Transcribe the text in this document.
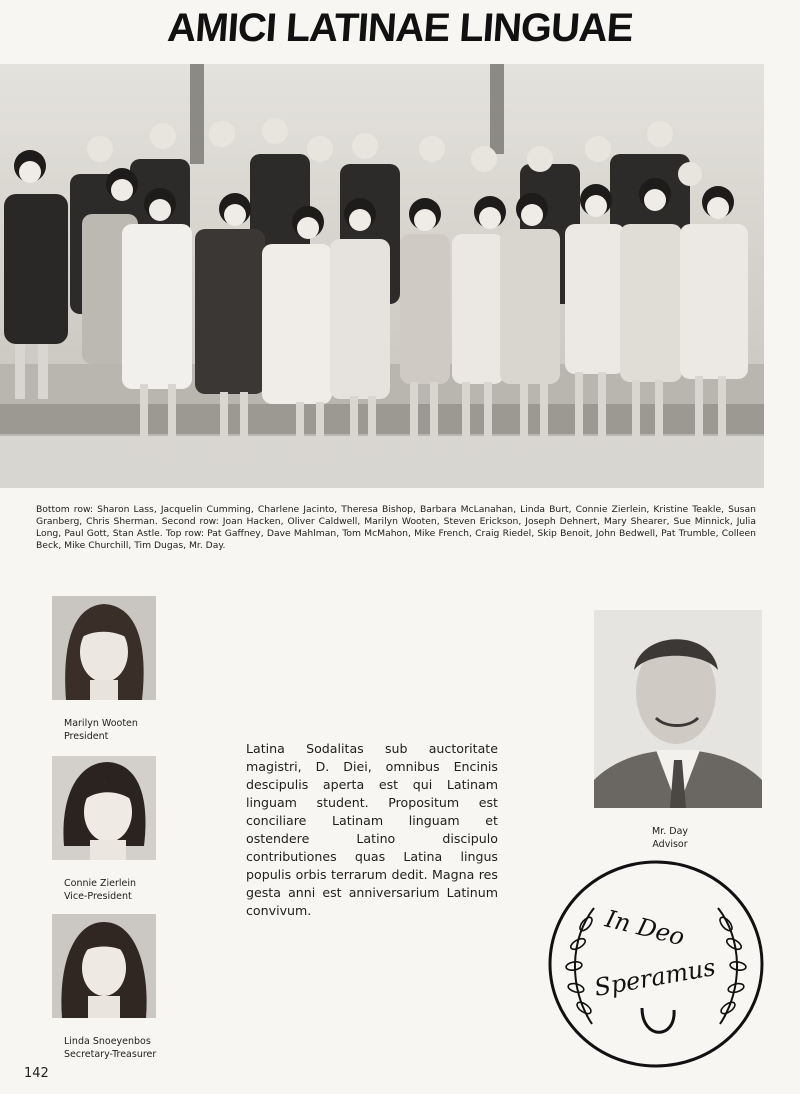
AMICI LATINAE LINGUAE
Bottom row: Sharon Lass, Jacquelin Cumming, Charlene Jacinto, Theresa Bishop, Barbara McLanahan, Linda Burt, Connie Zierlein, Kristine Teakle, Susan Granberg, Chris Sherman. Second row: Joan Hacken, Oliver Caldwell, Marilyn Wooten, Steven Erickson, Joseph Dehnert, Mary Shearer, Sue Minnick, Julia Long, Paul Gott, Stan Astle. Top row: Pat Gaffney, Dave Mahlman, Tom McMahon, Mike French, Craig Riedel, Skip Benoit, John Bedwell, Pat Trumble, Colleen Beck, Mike Churchill, Tim Dugas, Mr. Day.
Marilyn Wooten
President
Connie Zierlein
Vice-President
Linda Snoeyenbos
Secretary-Treasurer
Latina Sodalitas sub auctoritate magistri, D. Diei, omnibus Encinis descipulis aperta est qui Latinam linguam student. Propositum est conciliare Latinam linguam et ostendere Latino discipulo contributiones quas Latina lingus populis orbis terrarum dedit. Magna res gesta anni est anniversarium Latinum convivum.
Mr. Day
Advisor
In Deo
Speramus
142
